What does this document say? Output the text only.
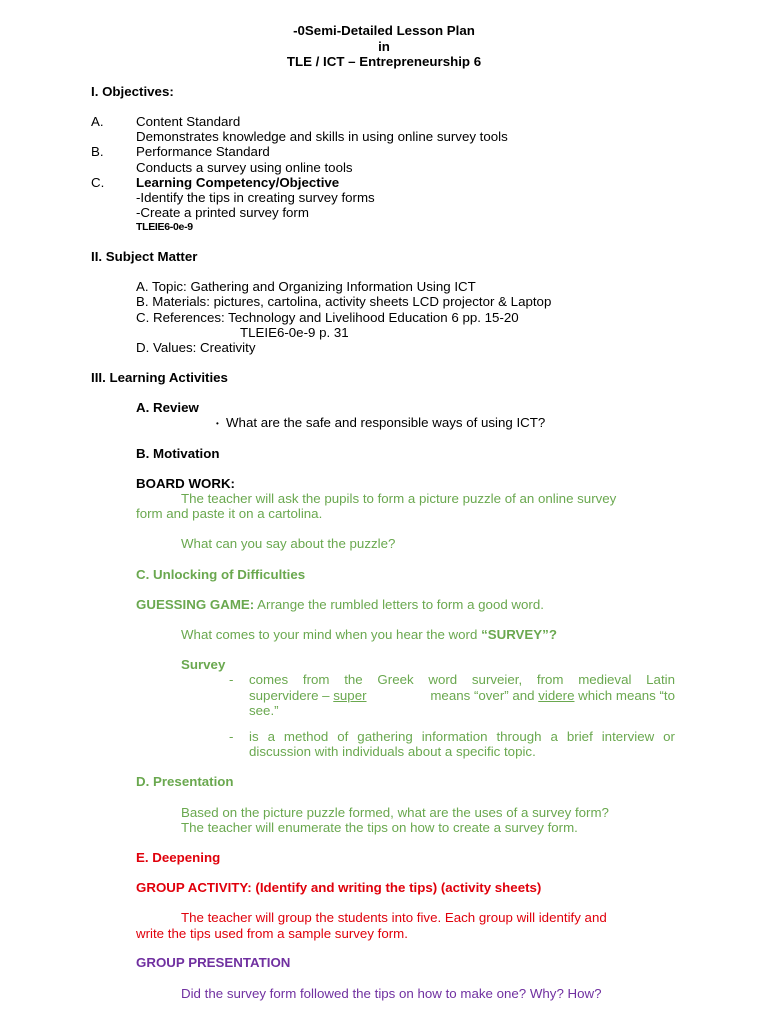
-0Semi-Detailed Lesson Plan
in
TLE / ICT – Entrepreneurship 6
I. Objectives:
A. Content Standard
Demonstrates knowledge and skills in using online survey tools
B. Performance Standard
Conducts a survey using online tools
C. Learning Competency/Objective
-Identify the tips in creating survey forms
-Create a printed survey form
TLEIE6-0e-9
II. Subject Matter
A. Topic: Gathering and Organizing Information Using ICT
B. Materials: pictures, cartolina, activity sheets LCD projector & Laptop
C. References: Technology and Livelihood Education 6 pp. 15-20
TLEIE6-0e-9 p. 31
D. Values: Creativity
III. Learning Activities
A. Review
• What are the safe and responsible ways of using ICT?
B. Motivation
BOARD WORK:
The teacher will ask the pupils to form a picture puzzle of an online survey
form and paste it on a cartolina.
What can you say about the puzzle?
C. Unlocking of Difficulties
GUESSING GAME: Arrange the rumbled letters to form a good word.
What comes to your mind when you hear the word “SURVEY”?
Survey
- comes from the Greek word surveier, from medieval Latin
supervidere – super	means “over” and videre which means “to
see.”
- is a method of gathering information through a brief interview or
discussion with individuals about a specific topic.
D. Presentation
Based on the picture puzzle formed, what are the uses of a survey form?
The teacher will enumerate the tips on how to create a survey form.
E. Deepening
GROUP ACTIVITY: (Identify and writing the tips) (activity sheets)
The teacher will group the students into five. Each group will identify and
write the tips used from a sample survey form.
GROUP PRESENTATION
Did the survey form followed the tips on how to make one? Why? How?
